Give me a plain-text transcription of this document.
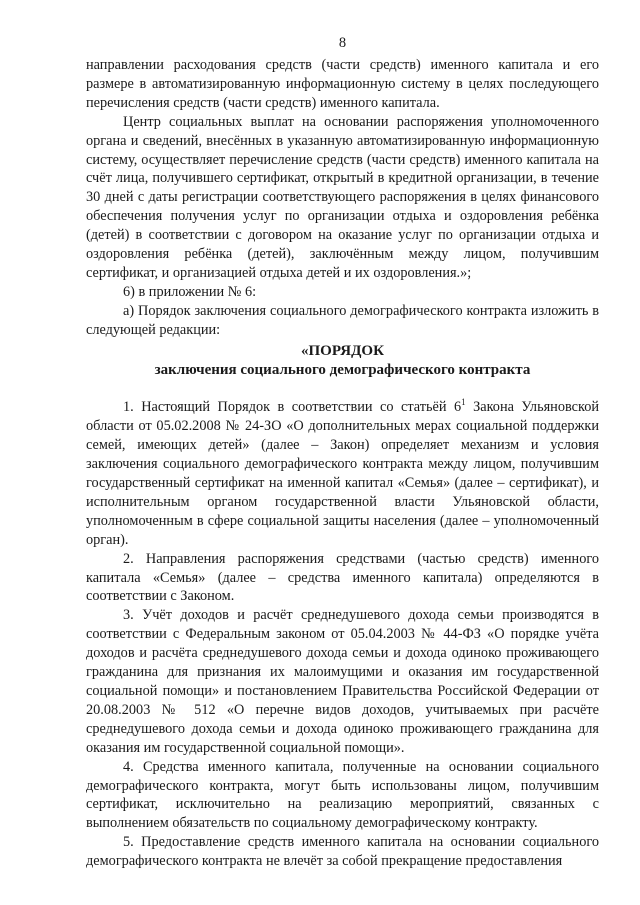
8

направлении расходования средств (части средств) именного капитала и его размере в автоматизированную информационную систему в целях последующего перечисления средств (части средств) именного капитала.

Центр социальных выплат на основании распоряжения уполномоченного органа и сведений, внесённых в указанную автоматизированную информационную систему, осуществляет перечисление средств (части средств) именного капитала на счёт лица, получившего сертификат, открытый в кредитной организации, в течение 30 дней с даты регистрации соответствующего распоряжения в целях финансового обеспечения получения услуг по организации отдыха и оздоровления ребёнка (детей) в соответствии с договором на оказание услуг по организации отдыха и оздоровления ребёнка (детей), заключённым между лицом, получившим сертификат, и организацией отдыха детей и их оздоровления.»;

6) в приложении № 6:

а) Порядок заключения социального демографического контракта изложить в следующей редакции:

«ПОРЯДОК

заключения социального демографического контракта

1. Настоящий Порядок в соответствии со статьёй $6^1$ Закона Ульяновской области от 05.02.2008 № 24-ЗО «О дополнительных мерах социальной поддержки семей, имеющих детей» (далее – Закон) определяет механизм и условия заключения социального демографического контракта между лицом, получившим государственный сертификат на именной капитал «Семья» (далее – сертификат), и исполнительным органом государственной власти Ульяновской области, уполномоченным в сфере социальной защиты населения (далее – уполномоченный орган).

2. Направления распоряжения средствами (частью средств) именного капитала «Семья» (далее – средства именного капитала) определяются в соответствии с Законом.

3. Учёт доходов и расчёт среднедушевого дохода семьи производятся в соответствии с Федеральным законом от 05.04.2003 № 44-ФЗ «О порядке учёта доходов и расчёта среднедушевого дохода семьи и дохода одиноко проживающего гражданина для признания их малоимущими и оказания им государственной социальной помощи» и постановлением Правительства Российской Федерации от 20.08.2003 № 512 «О перечне видов доходов, учитываемых при расчёте среднедушевого дохода семьи и дохода одиноко проживающего гражданина для оказания им государственной социальной помощи».

4. Средства именного капитала, полученные на основании социального демографического контракта, могут быть использованы лицом, получившим сертификат, исключительно на реализацию мероприятий, связанных с выполнением обязательств по социальному демографическому контракту.

5. Предоставление средств именного капитала на основании социального демографического контракта не влечёт за собой прекращение предоставления
